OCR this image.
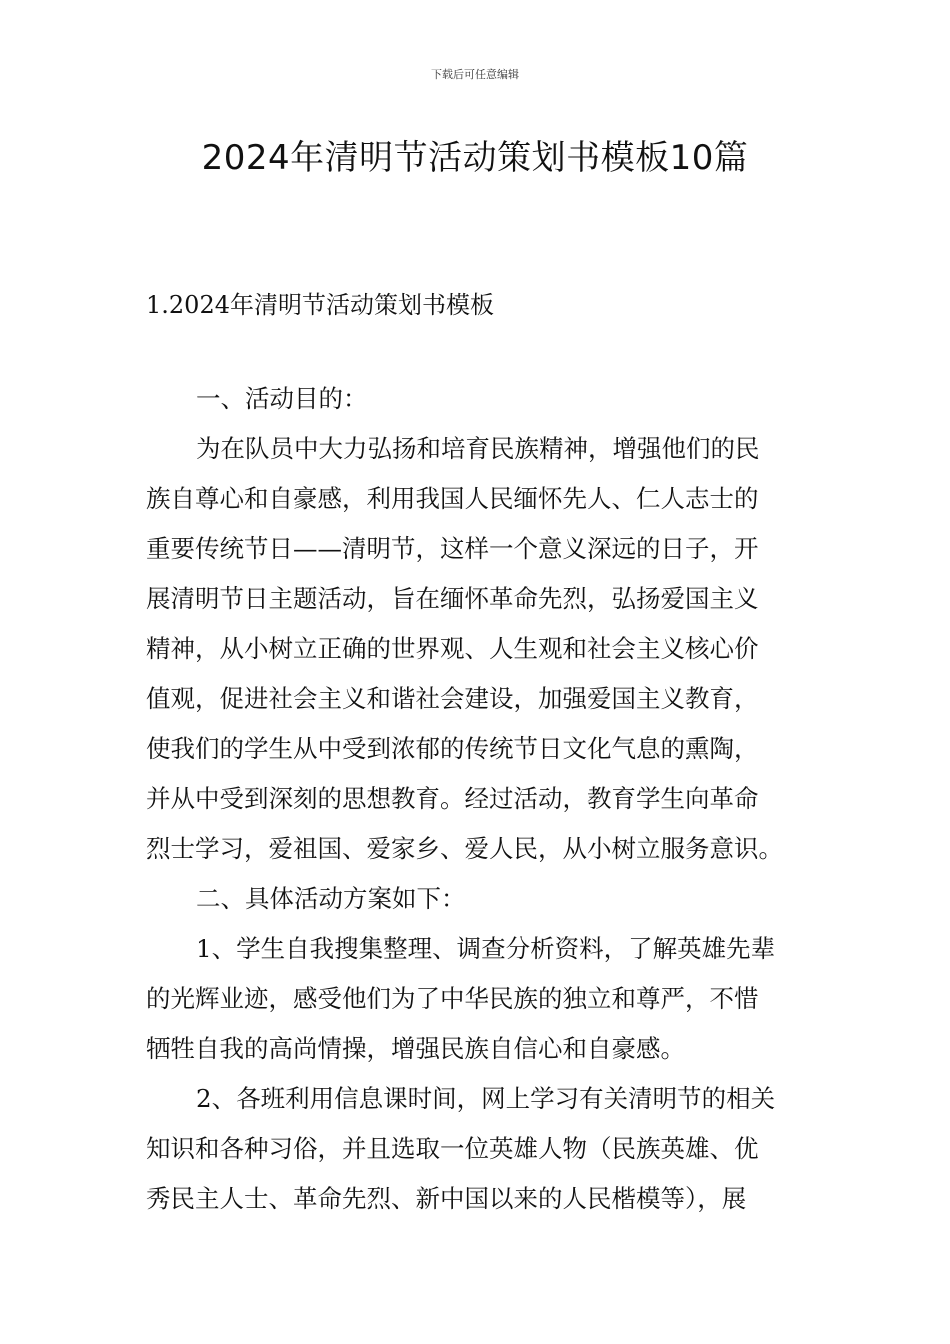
下载后可任意编辑
2024年清明节活动策划书模板10篇
1.2024年清明节活动策划书模板
一、活动目的：
为在队员中大力弘扬和培育民族精神，增强他们的民
族自尊心和自豪感，利用我国人民缅怀先人、仁人志士的
重要传统节日——清明节，这样一个意义深远的日子，开
展清明节日主题活动，旨在缅怀革命先烈，弘扬爱国主义
精神，从小树立正确的世界观、人生观和社会主义核心价
值观，促进社会主义和谐社会建设，加强爱国主义教育，
使我们的学生从中受到浓郁的传统节日文化气息的熏陶，
并从中受到深刻的思想教育。经过活动，教育学生向革命
烈士学习，爱祖国、爱家乡、爱人民，从小树立服务意识。
二、具体活动方案如下：
1、学生自我搜集整理、调查分析资料，了解英雄先辈
的光辉业迹，感受他们为了中华民族的独立和尊严，不惜
牺牲自我的高尚情操，增强民族自信心和自豪感。
2、各班利用信息课时间，网上学习有关清明节的相关
知识和各种习俗，并且选取一位英雄人物（民族英雄、优
秀民主人士、革命先烈、新中国以来的人民楷模等），展
